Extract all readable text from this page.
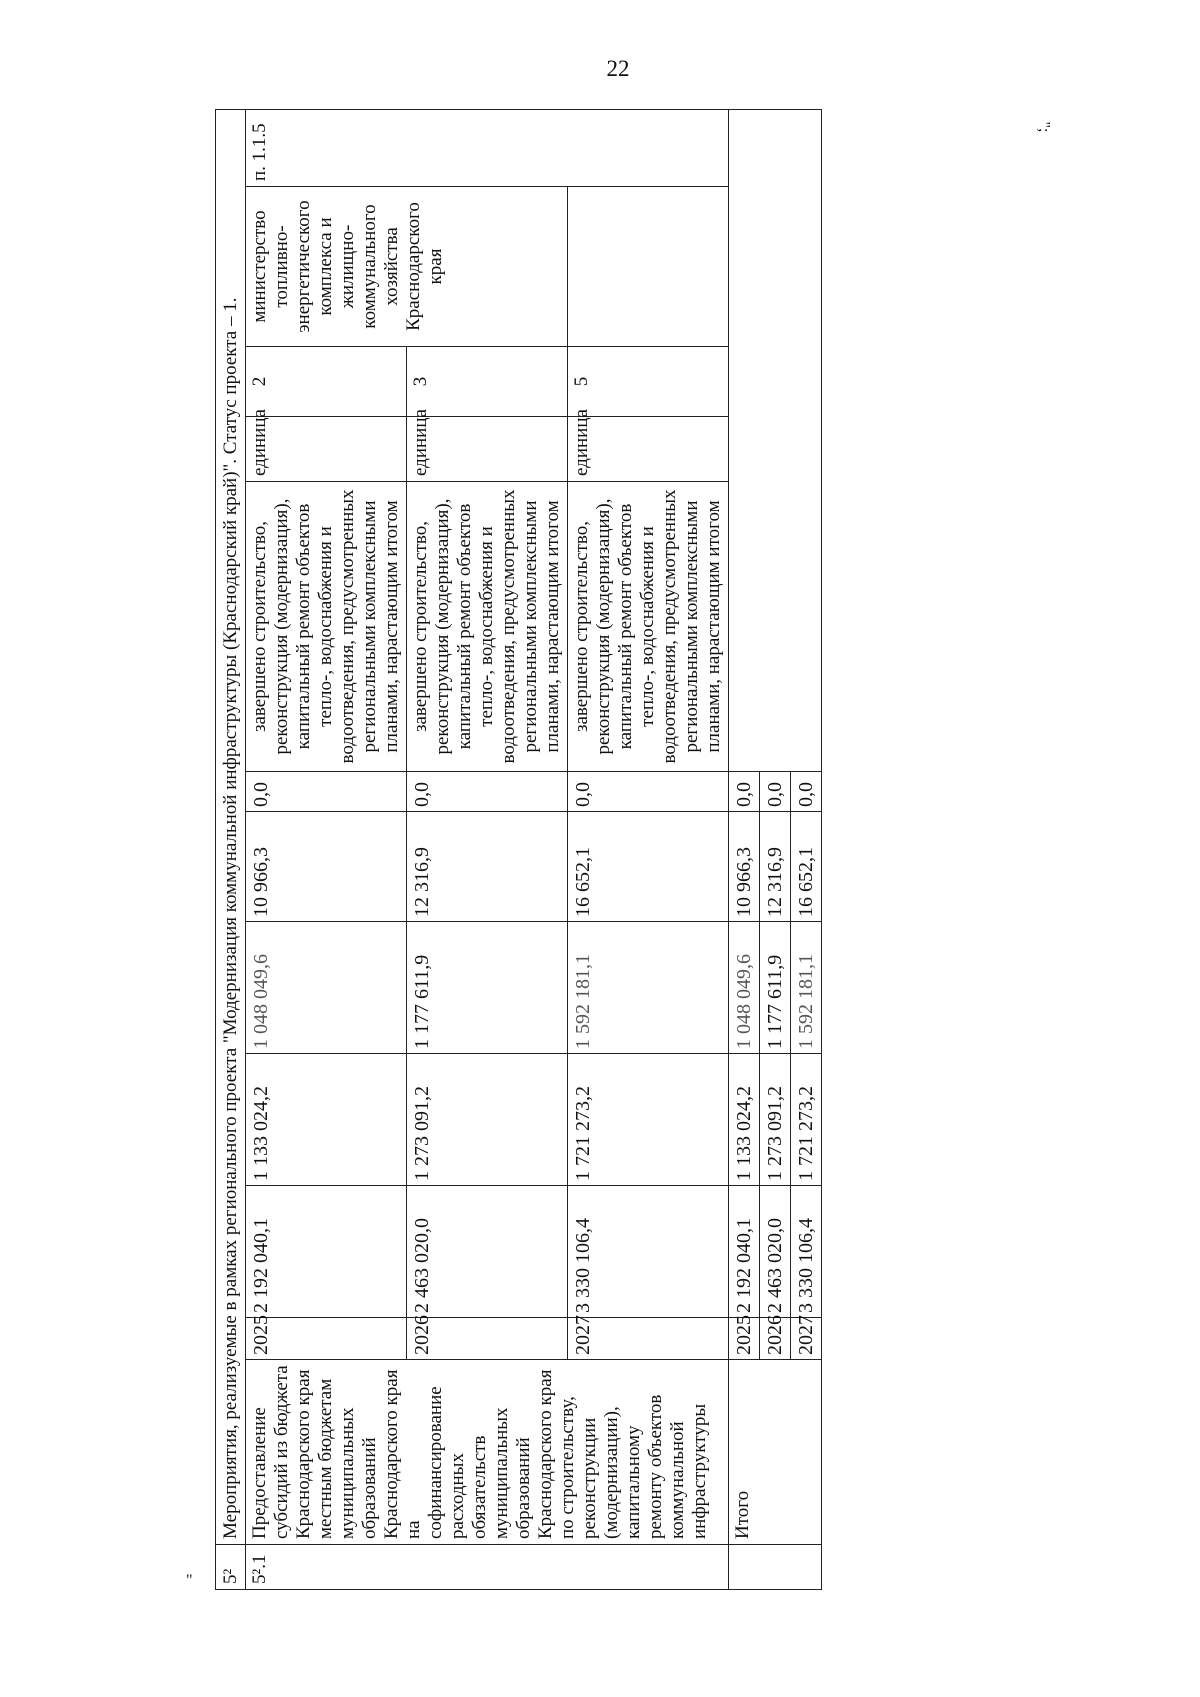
22
"
";
5²	Мероприятия, реализуемые в рамках регионального проекта "Модернизация коммунальной инфраструктуры (Краснодарский край)". Статус проекта – 1.											
5².1	Предоставление субсидий из бюджета Краснодарского края местным бюджетам муниципальных образований Краснодарского края на софинансирование расходных обязательств муниципальных образований Краснодарского края по строительству, реконструкции (модернизации), капитальному ремонту объектов коммунальной инфраструктуры	2025	2 192 040,1	1 133 024,2	1 048 049,6	10 966,3	0,0	завершено строительство, реконструкция (модернизация), капитальный ремонт объектов тепло-, водоснабжения и водоотведения, предусмотренных региональными комплексными планами, нарастающим итогом	единица	2	министерство топливно-энергетического комплекса и жилищно-коммунального хозяйства Краснодарского края	п. 1.1.5
		2026	2 463 020,0	1 273 091,2	1 177 611,9	12 316,9	0,0	завершено строительство, реконструкция (модернизация), капитальный ремонт объектов тепло-, водоснабжения и водоотведения, предусмотренных региональными комплексными планами, нарастающим итогом	единица	3		
		2027	3 330 106,4	1 721 273,2	1 592 181,1	16 652,1	0,0	завершено строительство, реконструкция (модернизация), капитальный ремонт объектов тепло-, водоснабжения и водоотведения, предусмотренных региональными комплексными планами, нарастающим итогом	единица	5		
	Итого	2025	2 192 040,1	1 133 024,2	1 048 049,6	10 966,3	0,0					
		2026	2 463 020,0	1 273 091,2	1 177 611,9	12 316,9	0,0					
		2027	3 330 106,4	1 721 273,2	1 592 181,1	16 652,1	0,0					
